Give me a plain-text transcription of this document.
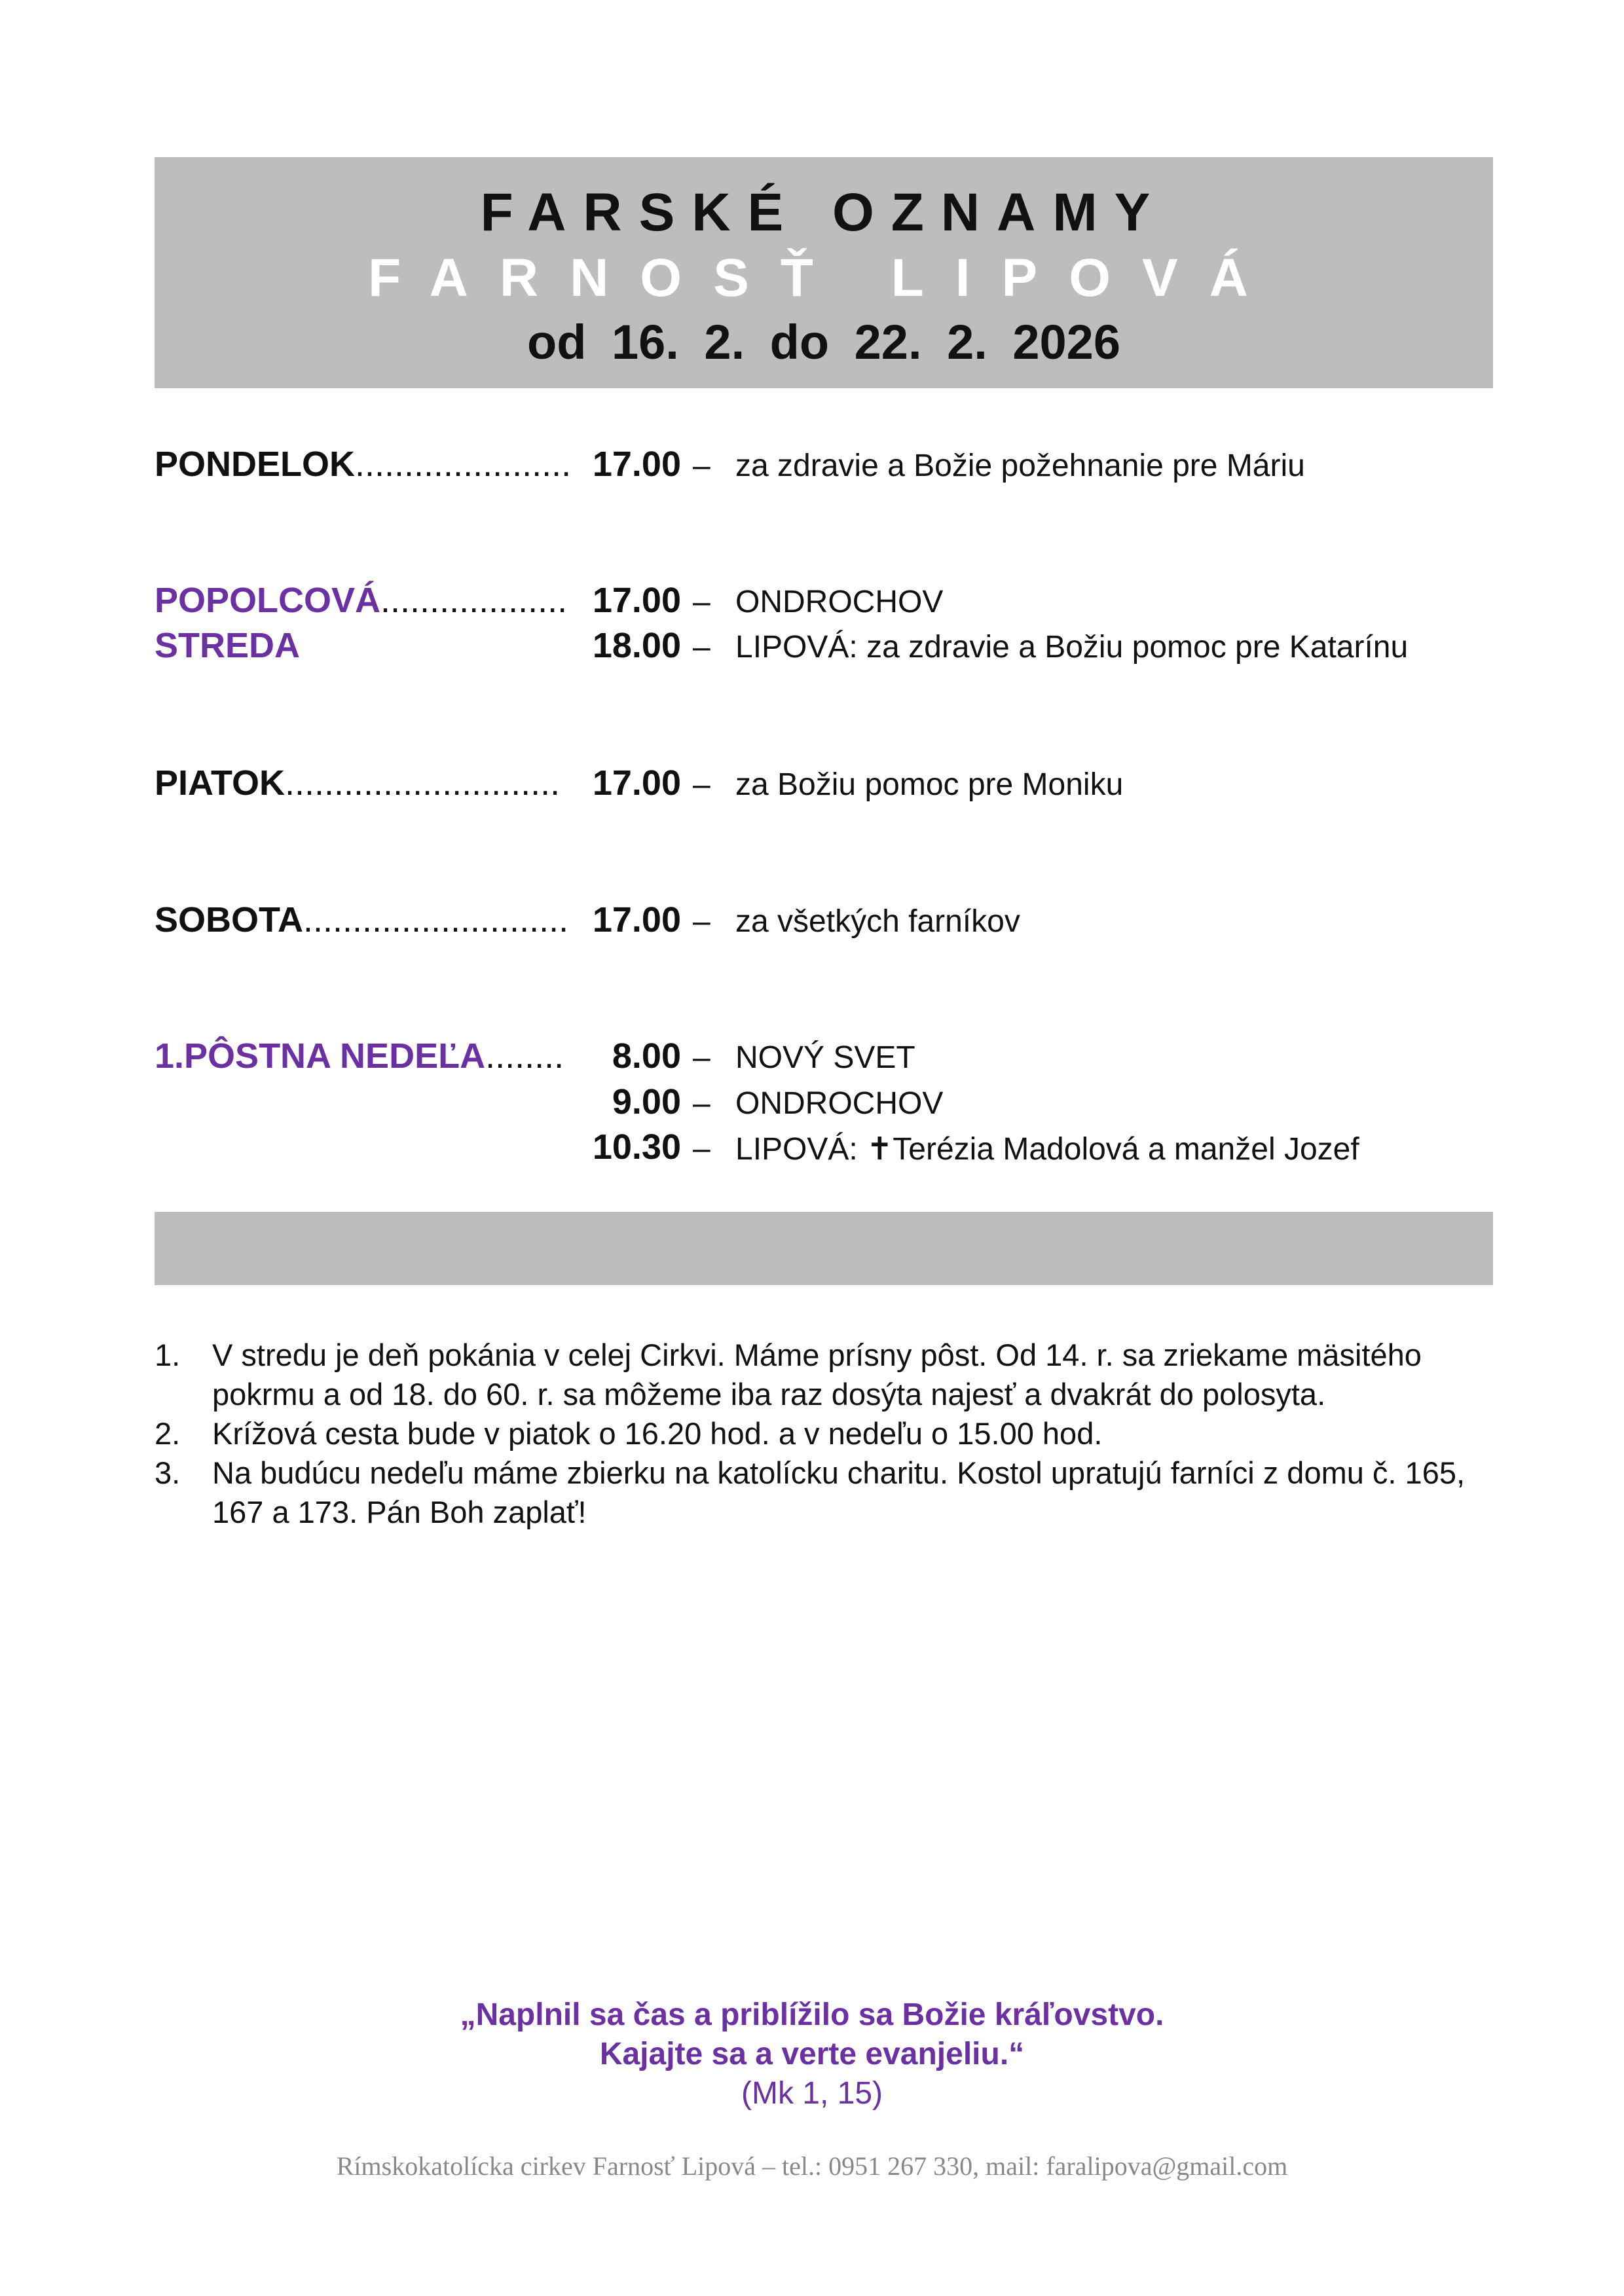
FARSKÉ OZNAMY
FARNOSŤ LIPOVÁ
od 16. 2. do 22. 2. 2026
PONDELOK...................... 17.00 – za zdravie a Božie požehnanie pre Máriu
POPOLCOVÁ................... 17.00 – ONDROCHOV
STREDA	18.00 – LIPOVÁ: za zdravie a Božiu pomoc pre Katarínu
PIATOK............................ 17.00 – za Božiu pomoc pre Moniku
SOBOTA........................... 17.00 – za všetkých farníkov
1.PÔSTNA NEDEĽA........ 8.00 – NOVÝ SVET
9.00 – ONDROCHOV
10.30 – LIPOVÁ: ✝Terézia Madolová a manžel Jozef
1. V stredu je deň pokánia v celej Cirkvi. Máme prísny pôst. Od 14. r. sa zriekame mäsitého pokrmu a od 18. do 60. r. sa môžeme iba raz dosýta najesť a dvakrát do polosyta.
2. Krížová cesta bude v piatok o 16.20 hod. a v nedeľu o 15.00 hod.
3. Na budúcu nedeľu máme zbierku na katolícku charitu. Kostol upratujú farníci z domu č. 165, 167 a 173. Pán Boh zaplať!
„Naplnil sa čas a priblížilo sa Božie kráľovstvo.
Kajajte sa a verte evanjeliu.“
(Mk 1, 15)
Rímskokatolícka cirkev Farnosť Lipová – tel.: 0951 267 330, mail: faralipova@gmail.com
